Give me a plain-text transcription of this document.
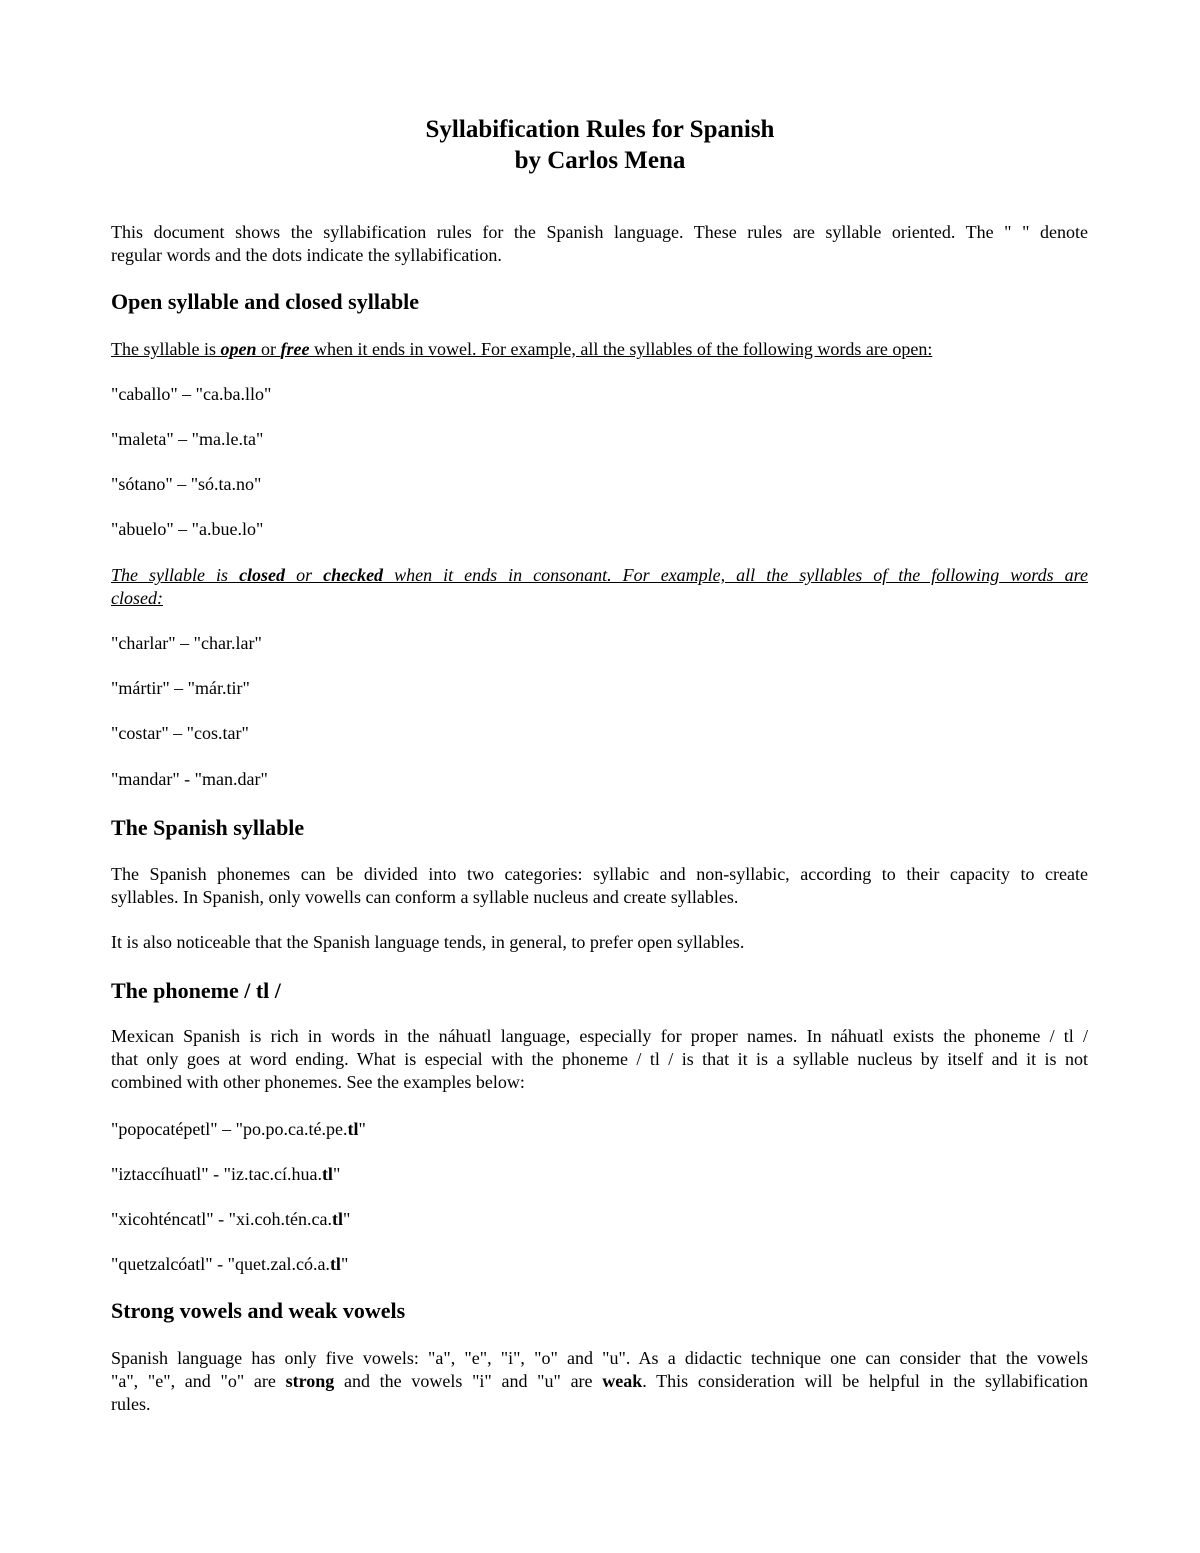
Syllabification Rules for Spanish
by Carlos Mena

This document shows the syllabification rules for the Spanish language. These rules are syllable oriented. The " " denote
regular words and the dots indicate the syllabification.

Open syllable and closed syllable

The syllable is open or free when it ends in vowel. For example, all the syllables of the following words are open:

"caballo" – "ca.ba.llo"

"maleta" – "ma.le.ta"

"sótano" – "só.ta.no"

"abuelo" – "a.bue.lo"

The syllable is closed or checked when it ends in consonant. For example, all the syllables of the following words are
closed:

"charlar" – "char.lar"

"mártir" – "már.tir"

"costar" – "cos.tar"

"mandar" - "man.dar"

The Spanish syllable

The Spanish phonemes can be divided into two categories: syllabic and non-syllabic, according to their capacity to create
syllables. In Spanish, only vowells can conform a syllable nucleus and create syllables.

It is also noticeable that the Spanish language tends, in general, to prefer open syllables.

The phoneme / tl /

Mexican Spanish is rich in words in the náhuatl language, especially for proper names. In náhuatl exists the phoneme / tl /
that only goes at word ending. What is especial with the phoneme / tl / is that it is a syllable nucleus by itself and it is not
combined with other phonemes. See the examples below:

"popocatépetl" – "po.po.ca.té.pe.tl"

"iztaccíhuatl" - "iz.tac.cí.hua.tl"

"xicohténcatl" - "xi.coh.tén.ca.tl"

"quetzalcóatl" - "quet.zal.có.a.tl"

Strong vowels and weak vowels

Spanish language has only five vowels: "a", "e", "i", "o" and "u". As a didactic technique one can consider that the vowels
"a", "e", and "o" are strong and the vowels "i" and "u" are weak. This consideration will be helpful in the syllabification
rules.
